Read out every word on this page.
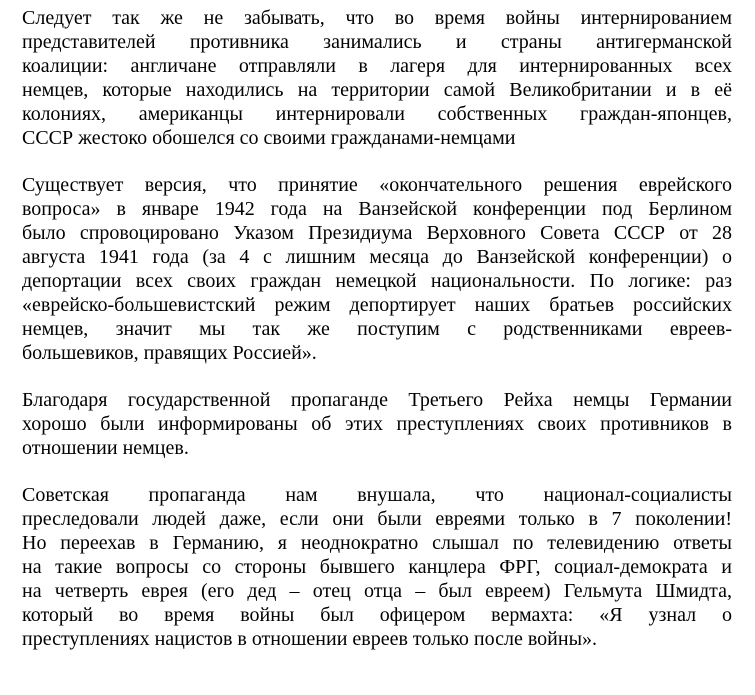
Следует так же не забывать, что во время войны интернированием
представителей противника занимались и страны антигерманской
коалиции: англичане отправляли в лагеря для интернированных всех
немцев, которые находились на территории самой Великобритании и в её
колониях, американцы интернировали собственных граждан-японцев,
СССР жестоко обошелся со своими гражданами-немцами
Существует версия, что принятие «окончательного решения еврейского
вопроса» в январе 1942 года на Ванзейской конференции под Берлином
было спровоцировано Указом Президиума Верховного Совета СССР от 28
августа 1941 года (за 4 с лишним месяца до Ванзейской конференции) о
депортации всех своих граждан немецкой национальности. По логике: раз
«еврейско-большевистский режим депортирует наших братьев российских
немцев, значит мы так же поступим с родственниками евреев-
большевиков, правящих Россией».
Благодаря государственной пропаганде Третьего Рейха немцы Германии
хорошо были информированы об этих преступлениях своих противников в
отношении немцев.
Советская пропаганда нам внушала, что национал-социалисты
преследовали людей даже, если они были евреями только в 7 поколении!
Но переехав в Германию, я неоднократно слышал по телевидению ответы
на такие вопросы со стороны бывшего канцлера ФРГ, социал-демократа и
на четверть еврея (его дед – отец отца – был евреем) Гельмута Шмидта,
который во время войны был офицером вермахта: «Я узнал о
преступлениях нацистов в отношении евреев только после войны».
